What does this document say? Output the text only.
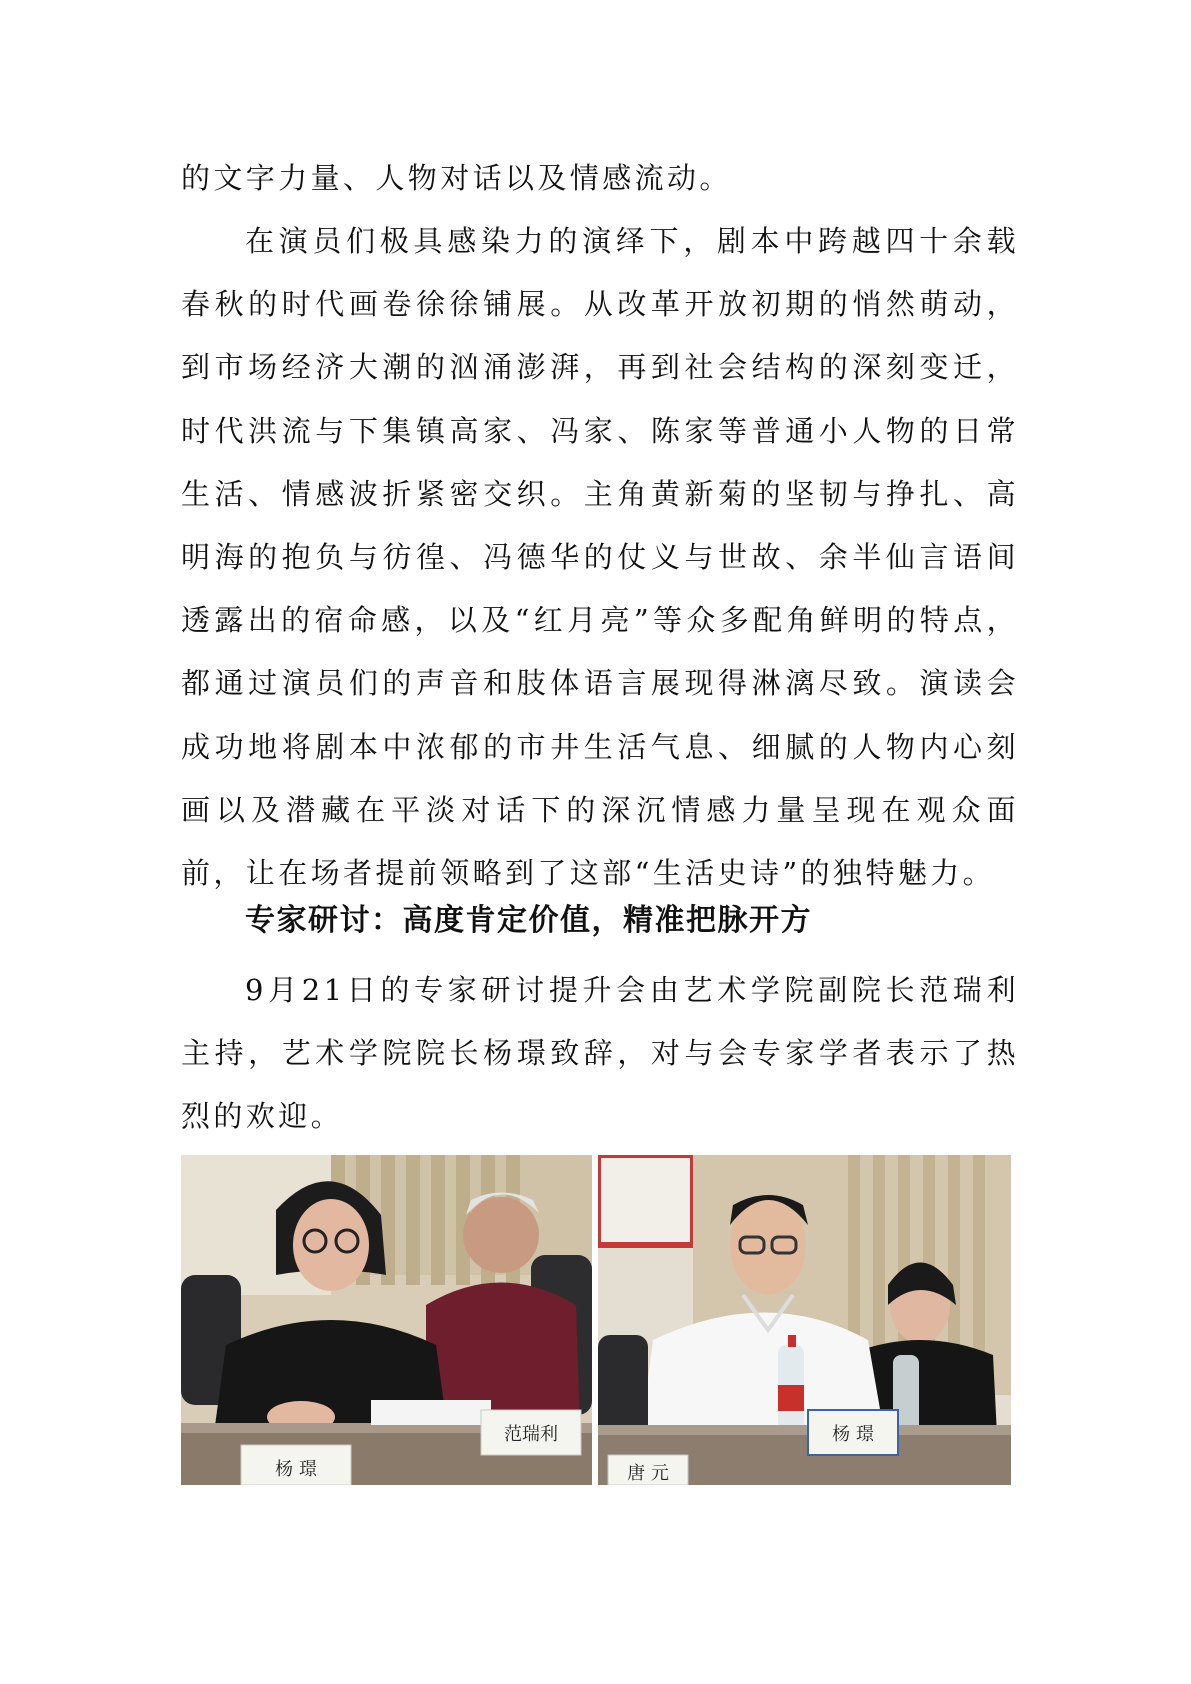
的文字力量、人物对话以及情感流动。

在演员们极具感染力的演绎下，剧本中跨越四十余载春秋的时代画卷徐徐铺展。从改革开放初期的悄然萌动，到市场经济大潮的汹涌澎湃，再到社会结构的深刻变迁，时代洪流与下集镇高家、冯家、陈家等普通小人物的日常生活、情感波折紧密交织。主角黄新菊的坚韧与挣扎、高明海的抱负与彷徨、冯德华的仗义与世故、余半仙言语间透露出的宿命感，以及“红月亮”等众多配角鲜明的特点，都通过演员们的声音和肢体语言展现得淋漓尽致。演读会成功地将剧本中浓郁的市井生活气息、细腻的人物内心刻画以及潜藏在平淡对话下的深沉情感力量呈现在观众面前，让在场者提前领略到了这部“生活史诗”的独特魅力。

专家研讨：高度肯定价值，精准把脉开方

9月21日的专家研讨提升会由艺术学院副院长范瑞利主持，艺术学院院长杨璟致辞，对与会专家学者表示了热烈的欢迎。

杨 璟
范瑞利
唐 元
杨 璟
